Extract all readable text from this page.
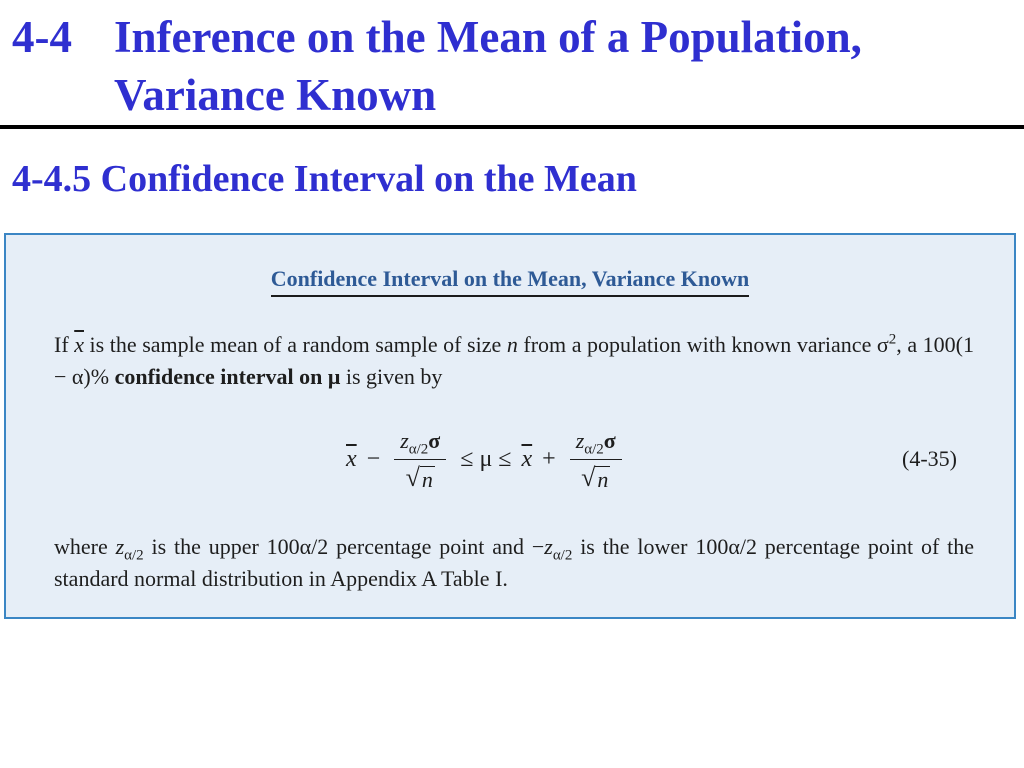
4-4 Inference on the Mean of a Population, Variance Known
4-4.5 Confidence Interval on the Mean
Confidence Interval on the Mean, Variance Known
If $\overline{x}$ is the sample mean of a random sample of size n from a population with known variance $\sigma^2$, a 100(1 − α)% confidence interval on μ is given by
$\overline{x} - \frac{z_{\alpha/2}\sigma}{√ n} \le \mu \le \overline{x} + \frac{z_{\alpha/2}\sigma}{√ n}$	(4-35)
where $z_{\alpha/2}$ is the upper 100α/2 percentage point and $-z_{\alpha/2}$ is the lower 100α/2 percentage point of the standard normal distribution in Appendix A Table I.
